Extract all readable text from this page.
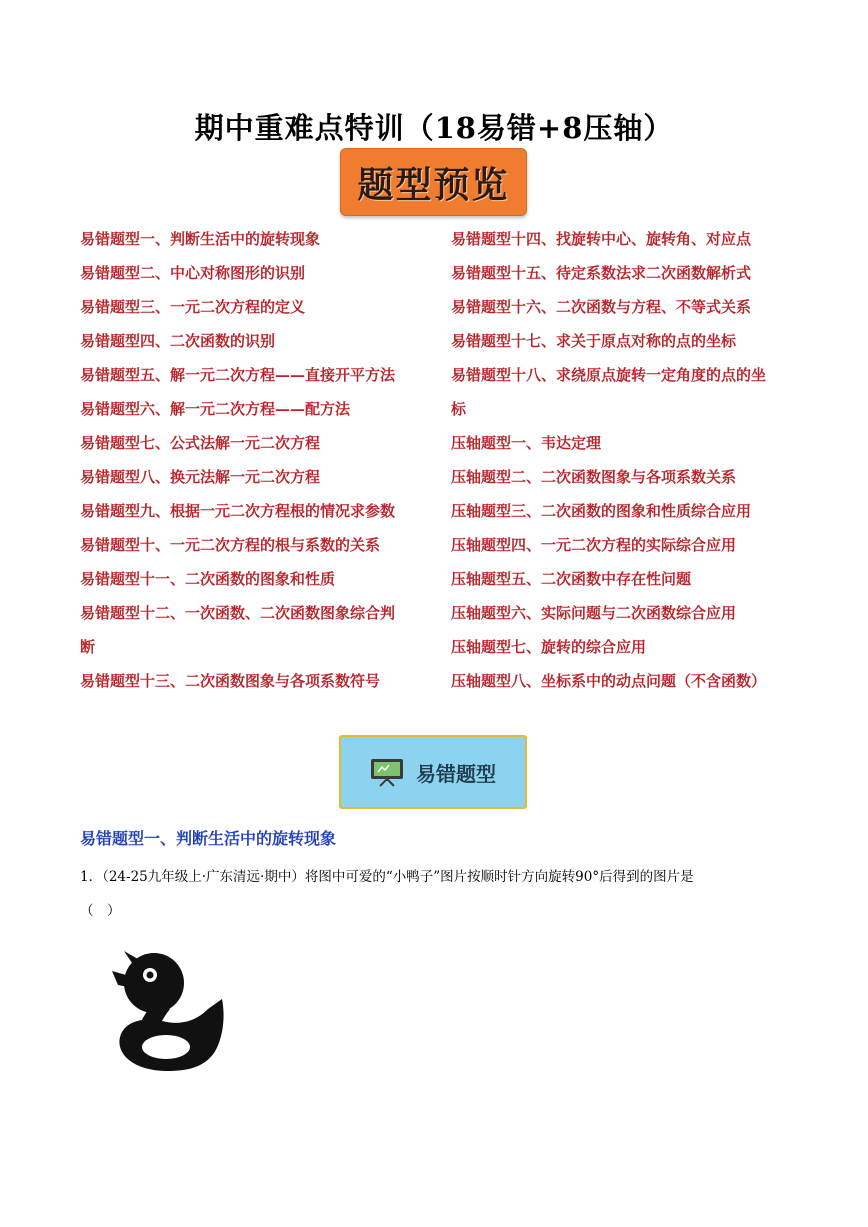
期中重难点特训（18易错+8压轴）
题型预览
易错题型一、判断生活中的旋转现象
易错题型二、中心对称图形的识别
易错题型三、一元二次方程的定义
易错题型四、二次函数的识别
易错题型五、解一元二次方程——直接开平方法
易错题型六、解一元二次方程——配方法
易错题型七、公式法解一元二次方程
易错题型八、换元法解一元二次方程
易错题型九、根据一元二次方程根的情况求参数
易错题型十、一元二次方程的根与系数的关系
易错题型十一、二次函数的图象和性质
易错题型十二、一次函数、二次函数图象综合判
断
易错题型十三、二次函数图象与各项系数符号
易错题型十四、找旋转中心、旋转角、对应点
易错题型十五、待定系数法求二次函数解析式
易错题型十六、二次函数与方程、不等式关系
易错题型十七、求关于原点对称的点的坐标
易错题型十八、求绕原点旋转一定角度的点的坐
标
压轴题型一、韦达定理
压轴题型二、二次函数图象与各项系数关系
压轴题型三、二次函数的图象和性质综合应用
压轴题型四、一元二次方程的实际综合应用
压轴题型五、二次函数中存在性问题
压轴题型六、实际问题与二次函数综合应用
压轴题型七、旋转的综合应用
压轴题型八、坐标系中的动点问题（不含函数）
易错题型
易错题型一、判断生活中的旋转现象
1．（24-25九年级上·广东清远·期中）将图中可爱的“小鸭子”图片按顺时针方向旋转90°后得到的图片是
（　）
